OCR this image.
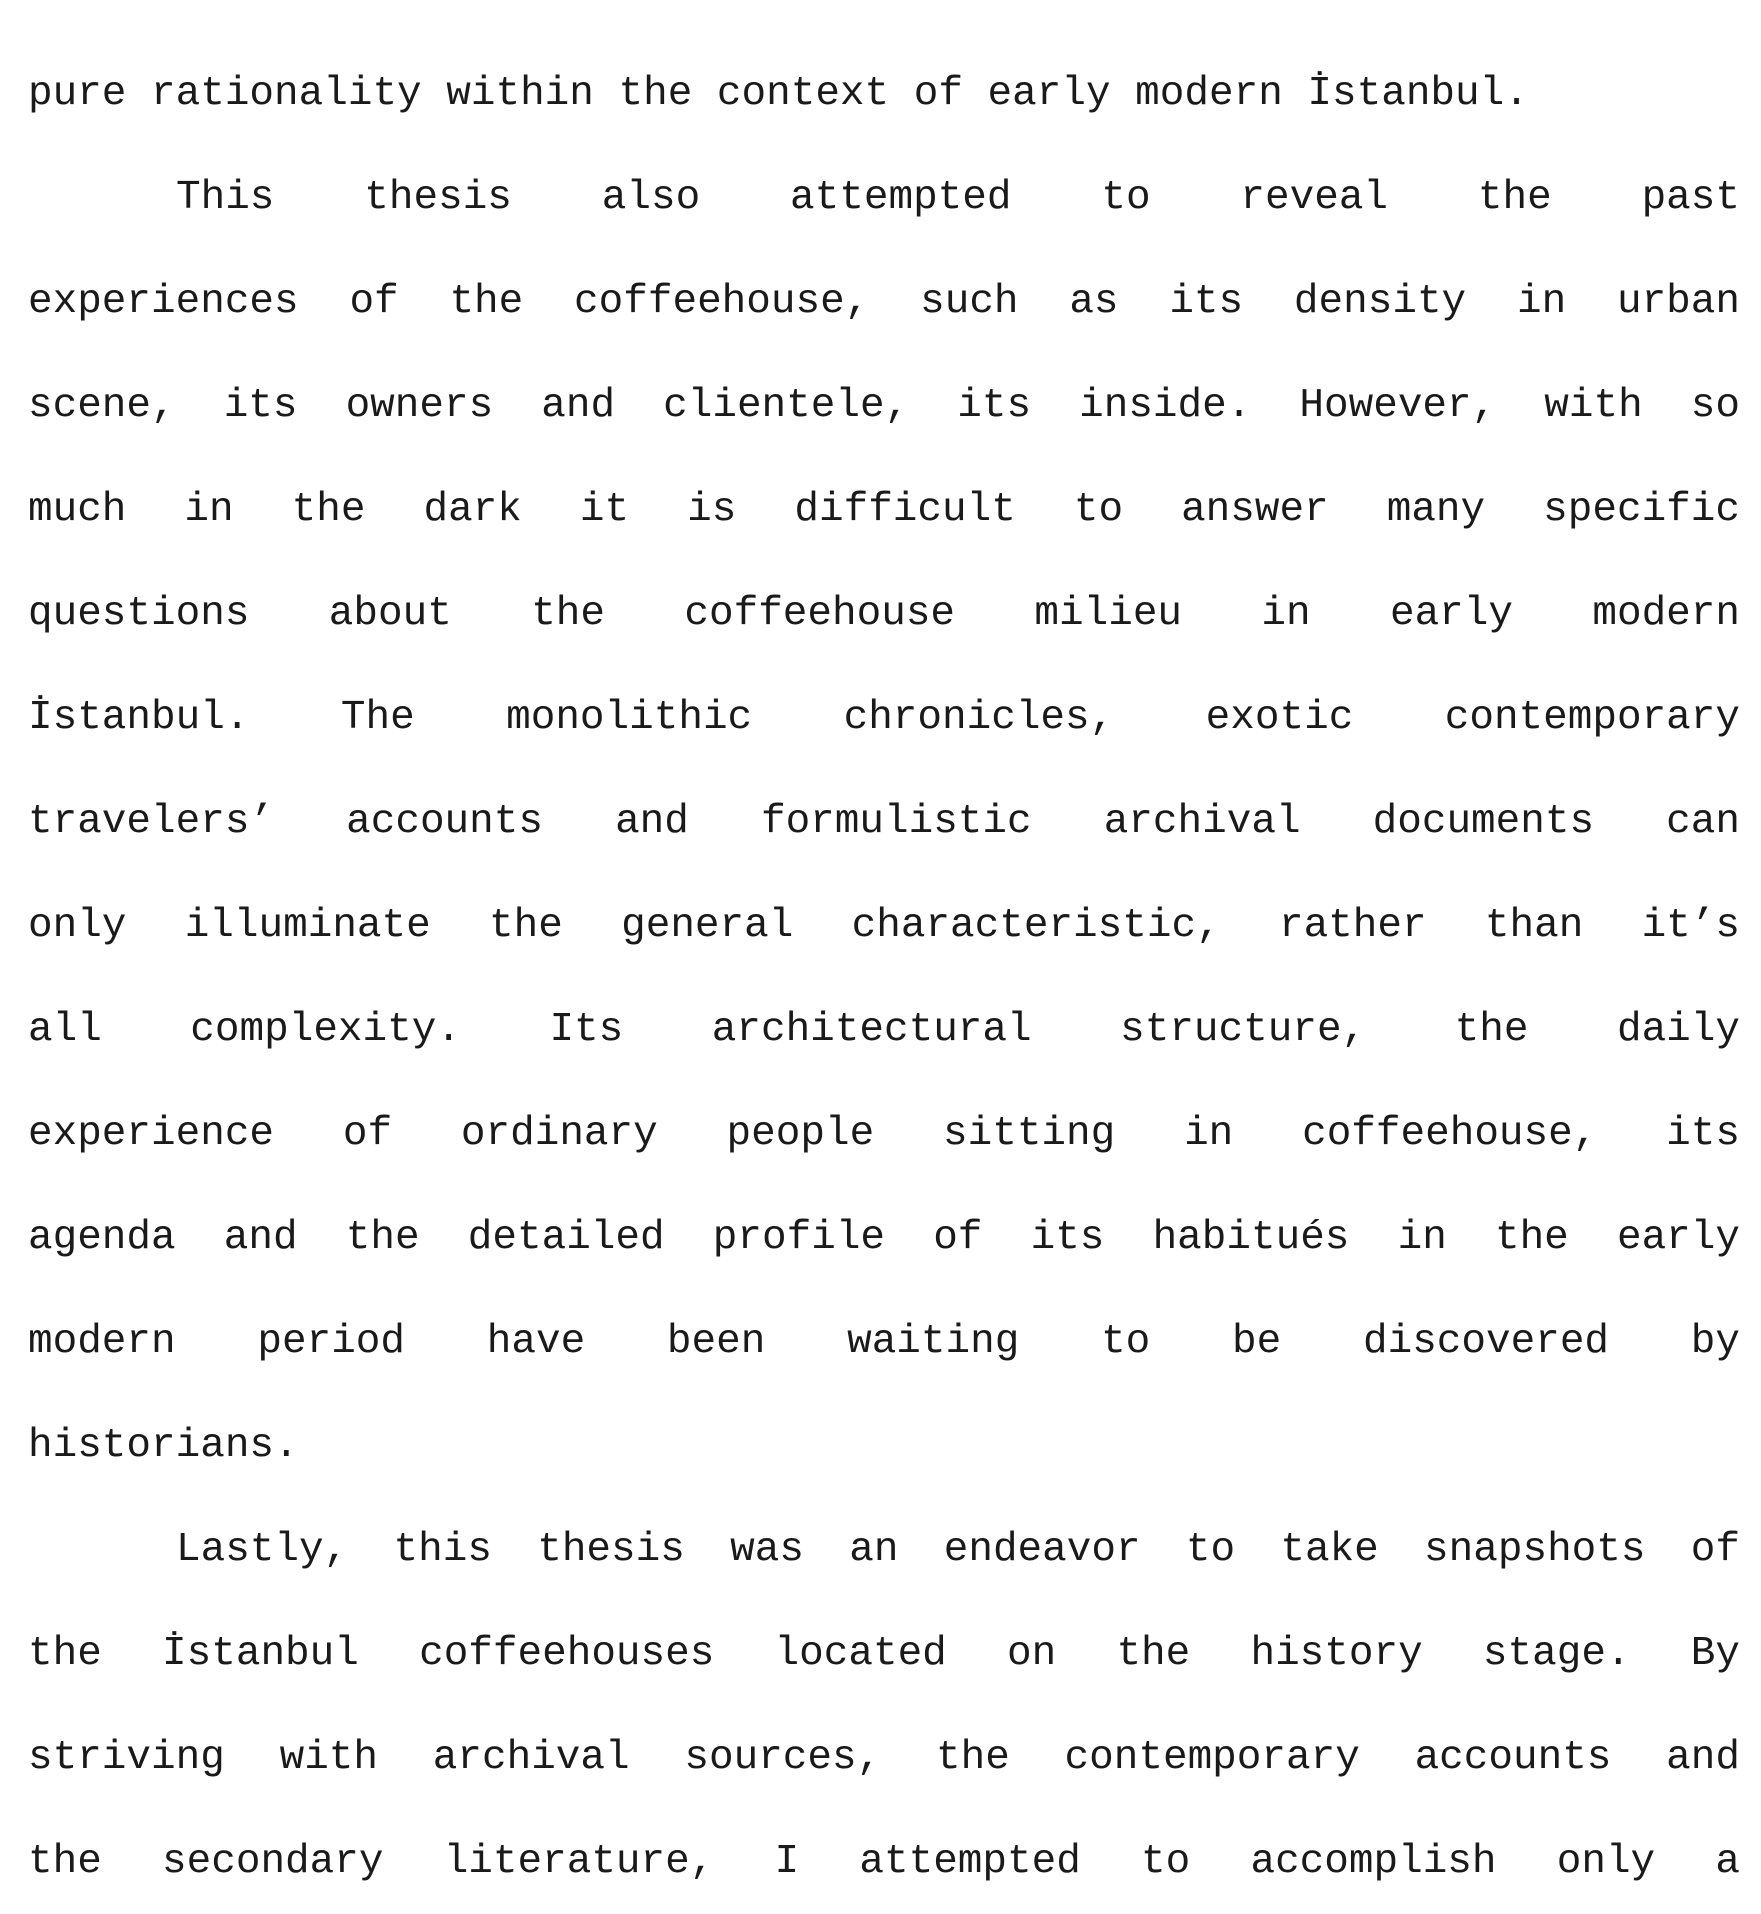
pure rationality within the context of early modern İstanbul.
This thesis also attempted to reveal the past
experiences of the coffeehouse, such as its density in urban
scene, its owners and clientele, its inside. However, with so
much in the dark it is difficult to answer many specific
questions about the coffeehouse milieu in early modern
İstanbul. The monolithic chronicles, exotic contemporary
travelers’ accounts and formulistic archival documents can
only illuminate the general characteristic, rather than it’s
all complexity. Its architectural structure, the daily
experience of ordinary people sitting in coffeehouse, its
agenda and the detailed profile of its habitués in the early
modern period have been waiting to be discovered by
historians.
Lastly, this thesis was an endeavor to take snapshots of
the İstanbul coffeehouses located on the history stage. By
striving with archival sources, the contemporary accounts and
the secondary literature, I attempted to accomplish only a
